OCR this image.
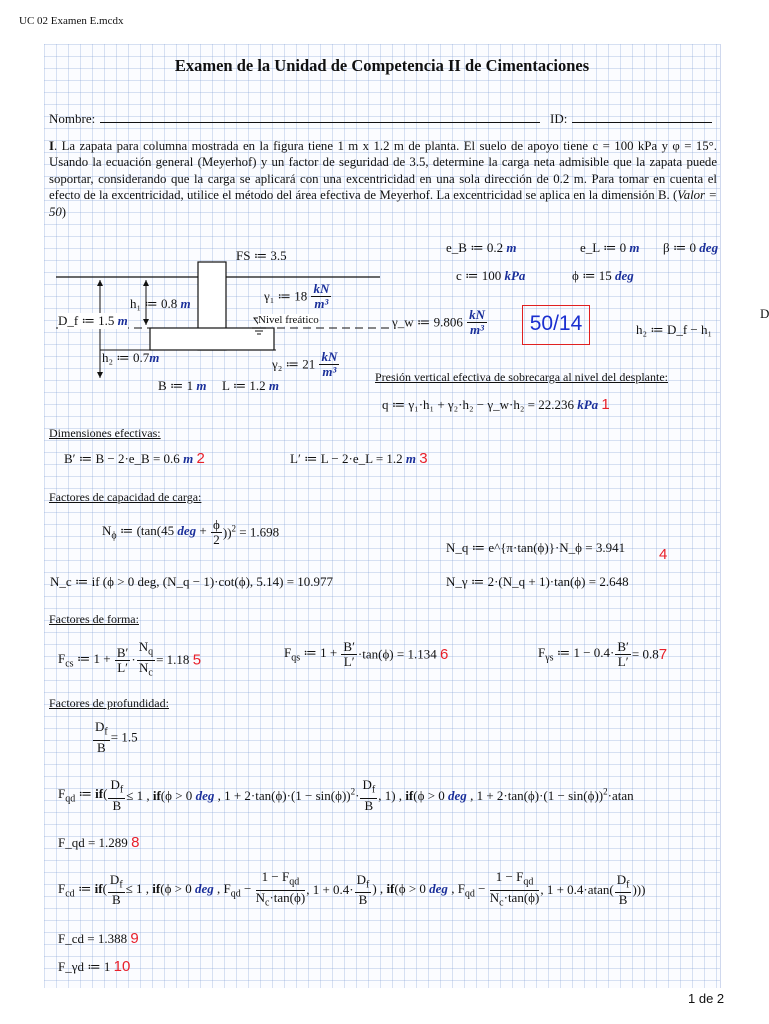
UC 02 Examen E.mcdx
1 de 2
Examen de la Unidad de Competencia II de Cimentaciones
Nombre:	ID:
I. La zapata para columna mostrada en la figura tiene 1 m x 1.2 m de planta. El suelo de apoyo tiene c = 100 kPa y φ = 15°. Usando la ecuación general (Meyerhof) y un factor de seguridad de 3.5, determine la carga neta admisible que la zapata puede soportar, considerando que la carga se aplicará con una excentricidad en una sola dirección de 0.2 m. Para tomar en cuenta el efecto de la excentricidad, utilice el método del área efectiva de Meyerhof. La excentricidad se aplica en la dimensión B. (Valor = 50)
FS ≔ 3.5
h₁ ≔ 0.8 m
D_f ≔ 1.5 m
h₂ ≔ 0.7m
B ≔ 1 m L ≔ 1.2 m
γ₁ ≔ $18 \frac{kN}{\text{m³}}$
γ₂ ≔ $21 \frac{kN}{\text{m³}}$
Nivel freático
e_B ≔ 0.2 m	e_L ≔ 0 m β ≔ 0 deg
c ≔ 100 kPa	ϕ ≔ 15 deg
γ_w ≔ $9.806 \frac{kN}{\text{m³}}$	50/14	h₂ ≔ D_f − h₁
D
Presión vertical efectiva de sobrecarga al nivel del desplante:
q ≔ γ₁·h₁ + γ₂·h₂ − γ_w·h₂ = 22.236 kPa 1
Dimensiones efectivas:
B′ ≔ B − 2·e_B = 0.6 m 2	L′ ≔ L − 2·e_L = 1.2 m 3
Factores de capacidad de carga:
$N_\phi$ ≔ (tan(45 deg + $\frac{\phi}{2} ))^2 = 1.698$
N_q ≔ e^{π·tan(ϕ)}·N_ϕ = 3.941 4
N_c ≔ if (ϕ > 0 deg, (N_q − 1)·cot(ϕ), 5.14) = 10.977	N_γ ≔ 2·(N_q + 1)·tan(ϕ) = 2.648
Factores de forma:
$F_{cs}$ ≔ $1 + \frac{B'}{L'} \cdot \frac{N_q}{N_c} = 1.18$ 5	$F_{qs}$ ≔ $1 + \frac{B'}{L'} \cdot\tan(\phi) = 1.134$ 6	$F_{\gamma s}$ ≔ $1 - 0.4\cdot \frac{B'}{L'} = 0.87$
Factores de profundidad:
$\frac{D_f}{B} = 1.5$
$F_{qd}$ ≔ $if( \frac{D_f}{B} \le 1$ , if(ϕ > 0 deg , $1 + 2\cdot\tan(\phi)\cdot(1 - \sin(\phi))^2\cdot \frac{D_f}{B}$ , 1) , if(ϕ > 0 deg , $1 + 2\cdot\tan(\phi)\cdot(1 - \sin(\phi))^2\cdot atan$
F_qd = 1.289 8
$F_{cd}$ ≔ $if( \frac{D_f}{B} \le 1$ , if(ϕ > 0 deg , $F_{qd} - \frac{1 - F_{qd}}{N_c\cdot\tan(\phi)}$ , $1 + 0.4\cdot \frac{D_f}{B}$ ) , if(ϕ > 0 deg , $F_{qd} - \frac{1 - F_{qd}}{N_c\cdot\tan(\phi)}$ , $1 + 0.4\cdot atan( \frac{D_f}{B}$ )))
F_cd = 1.388 9
F_γd ≔ 1 10
